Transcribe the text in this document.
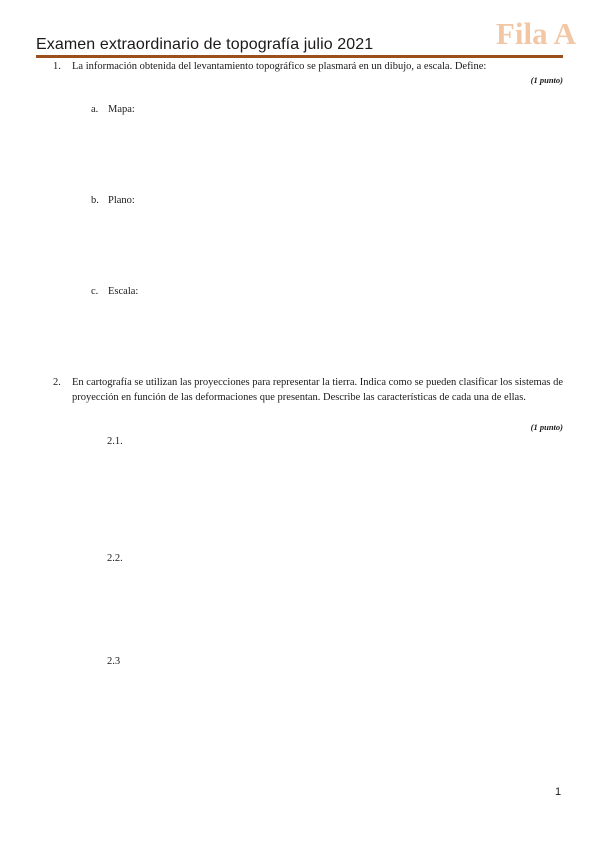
Examen extraordinario de topografía julio 2021	Fila A
1. La información obtenida del levantamiento topográfico se plasmará en un dibujo, a escala. Define:
(1 punto)
a. Mapa:
b. Plano:
c. Escala:
2. En cartografía se utilizan las proyecciones para representar la tierra. Indica como se pueden clasificar los sistemas de proyección en función de las deformaciones que presentan. Describe las características de cada una de ellas.
(1 punto)
2.1.
2.2.
2.3
1
